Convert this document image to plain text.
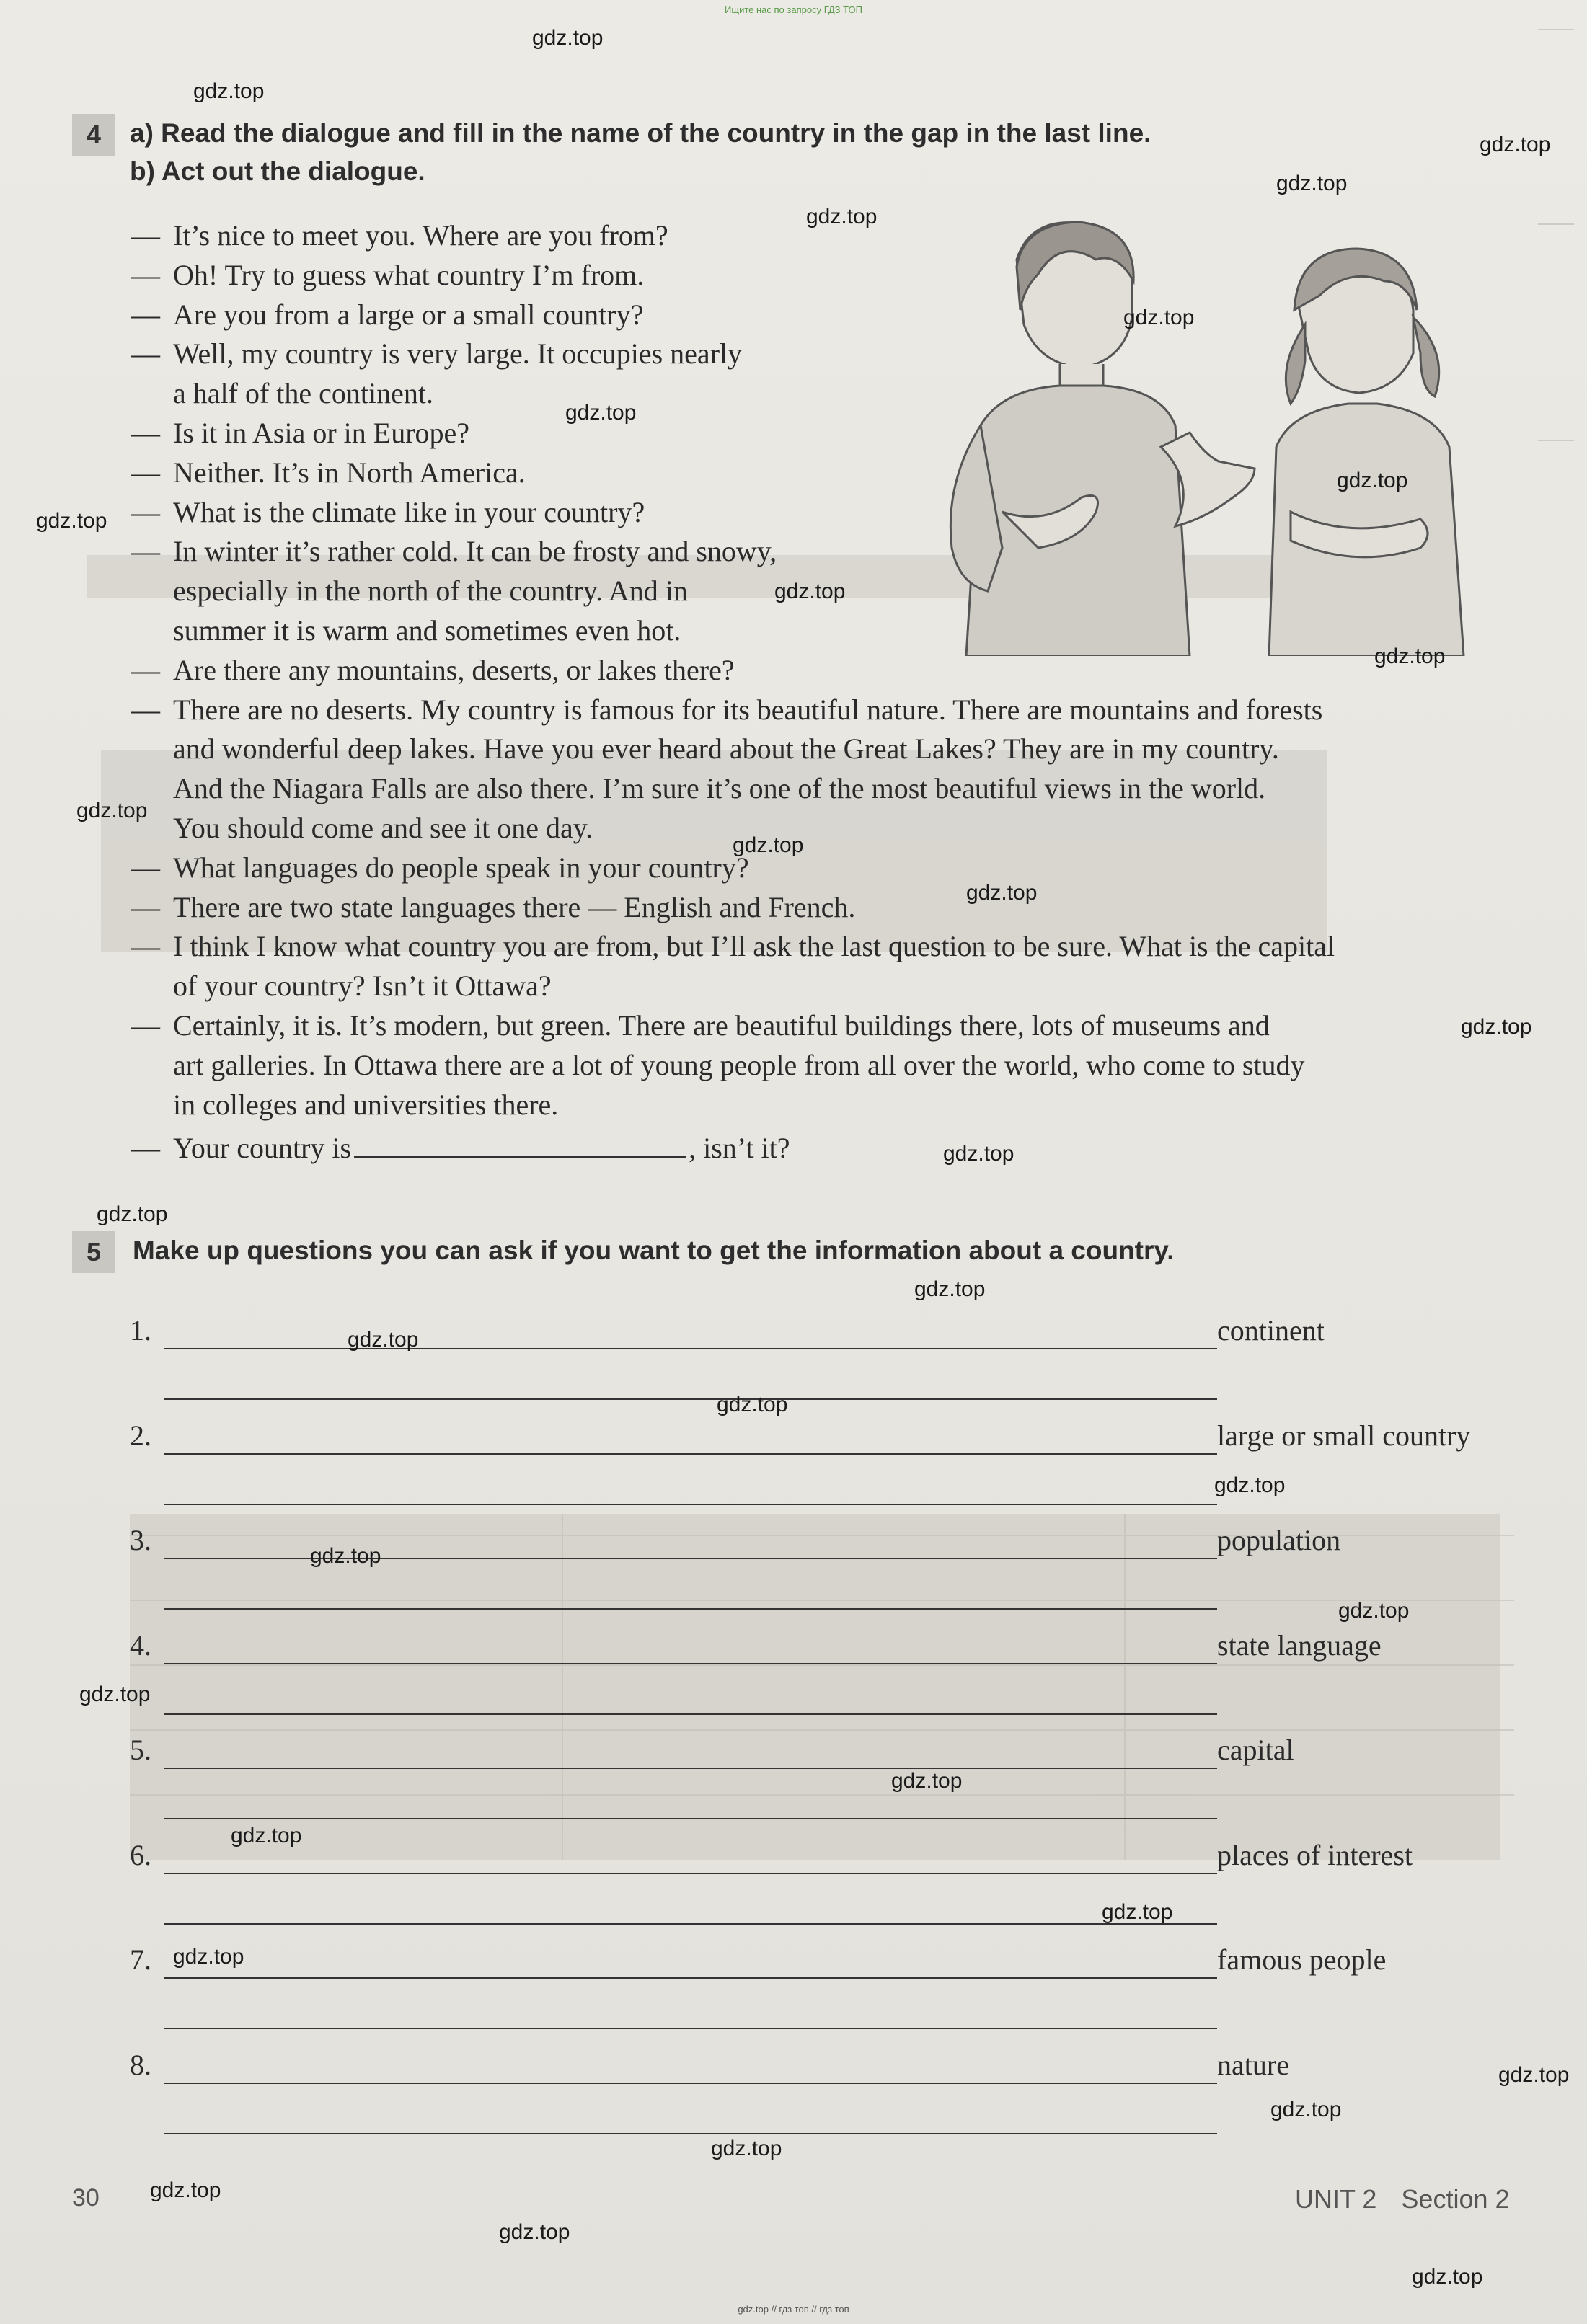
Ищите нас по запросу ГДЗ ТОП
4	a) Read the dialogue and fill in the name of the country in the gap in the last line.
b) Act out the dialogue.
— It’s nice to meet you. Where are you from?
— Oh! Try to guess what country I’m from.
— Are you from a large or a small country?
— Well, my country is very large. It occupies nearly
a half of the continent.
— Is it in Asia or in Europe?
— Neither. It’s in North America.
— What is the climate like in your country?
— In winter it’s rather cold. It can be frosty and snowy,
especially in the north of the country. And in
summer it is warm and sometimes even hot.
— Are there any mountains, deserts, or lakes there?
— There are no deserts. My country is famous for its beautiful nature. There are mountains and forests
and wonderful deep lakes. Have you ever heard about the Great Lakes? They are in my country.
And the Niagara Falls are also there. I’m sure it’s one of the most beautiful views in the world.
You should come and see it one day.
— What languages do people speak in your country?
— There are two state languages there — English and French.
— I think I know what country you are from, but I’ll ask the last question to be sure. What is the capital
of your country? Isn’t it Ottawa?
— Certainly, it is. It’s modern, but green. There are beautiful buildings there, lots of museums and
art galleries. In Ottawa there are a lot of young people from all over the world, who come to study
in colleges and universities there.
— Your country is	, isn’t it?
5	Make up questions you can ask if you want to get the information about a country.
1.	continent
2.	large or small country
3.	population
4.	state language
5.	capital
6.	places of interest
7.	famous people
8.	nature
30	UNIT 2 Section 2
gdz.top
gdz.top
gdz.top
gdz.top
gdz.top
gdz.top
gdz.top
gdz.top
gdz.top
gdz.top
gdz.top
gdz.top
gdz.top
gdz.top
gdz.top
gdz.top
gdz.top
gdz.top
gdz.top
gdz.top
gdz.top
gdz.top
gdz.top
gdz.top
gdz.top
gdz.top
gdz.top
gdz.top
gdz.top
gdz.top
gdz.top
gdz.top
gdz.top
gdz.top
gdz.top // гдз топ // гдз топ
